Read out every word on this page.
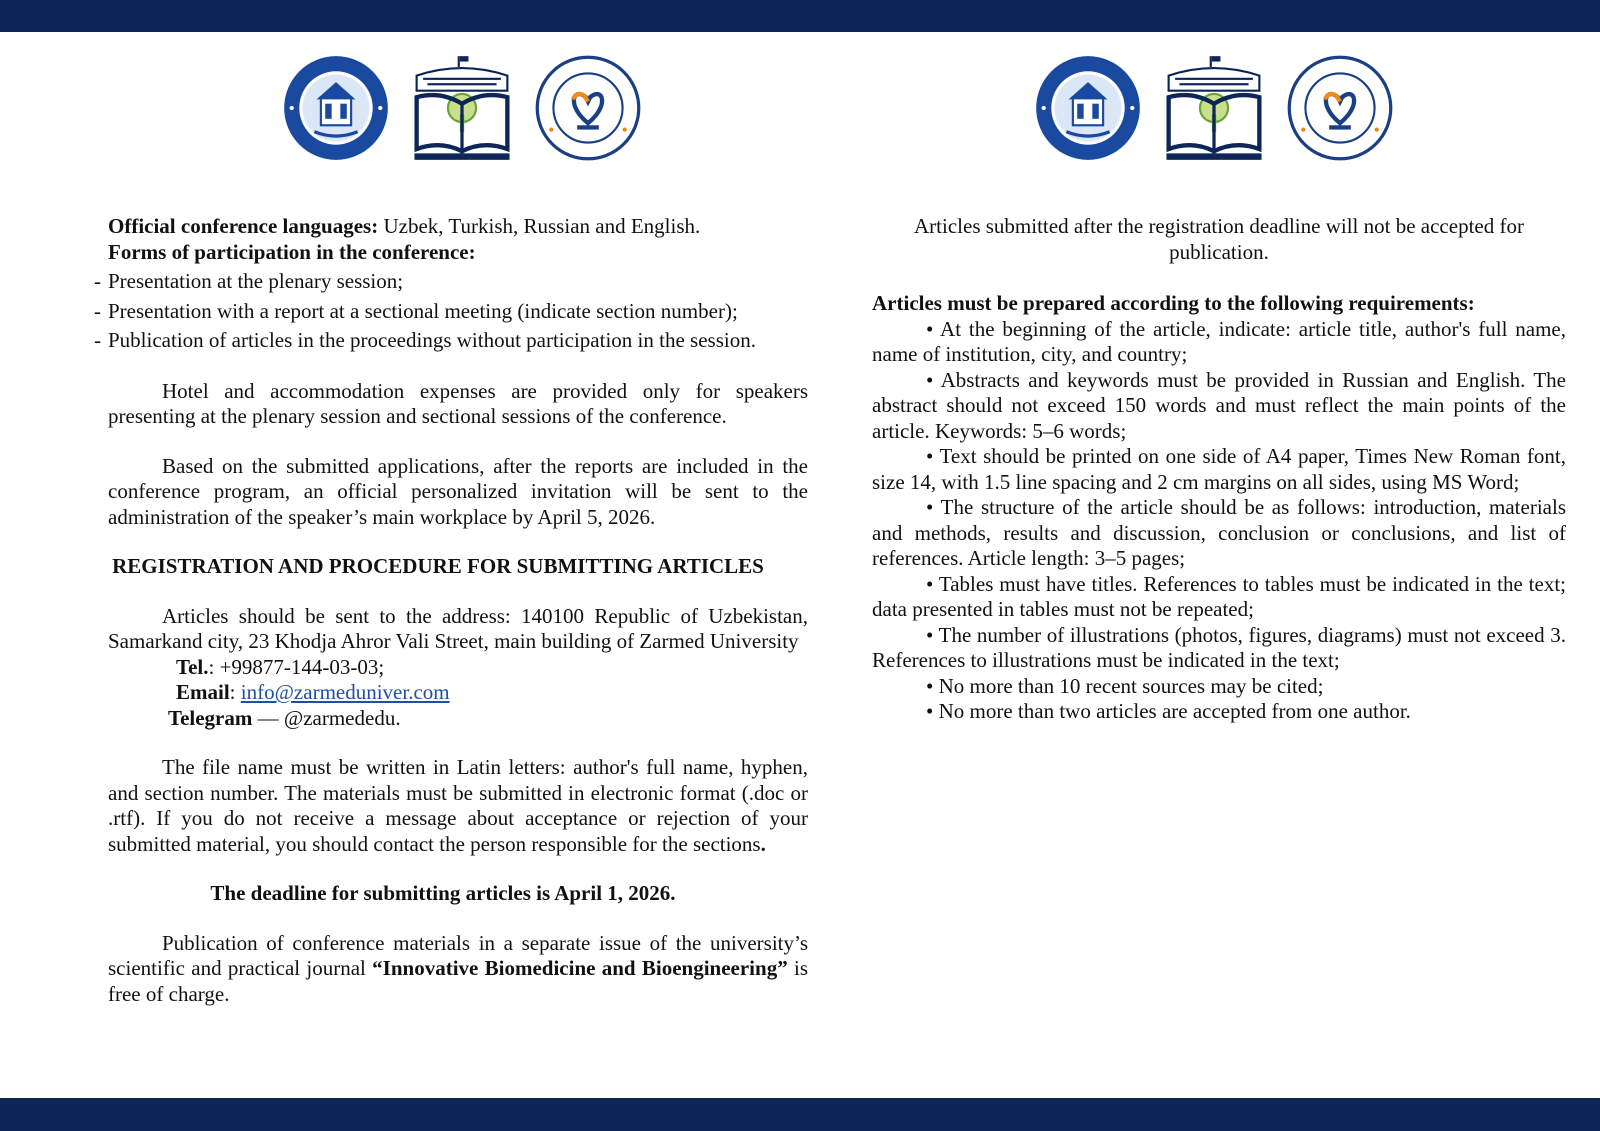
Official conference languages: Uzbek, Turkish, Russian and English.

Forms of participation in the conference:

- Presentation at the plenary session;

- Presentation with a report at a sectional meeting (indicate section number);

- Publication of articles in the proceedings without participation in the session.

Hotel and accommodation expenses are provided only for speakers presenting at the plenary session and sectional sessions of the conference.

Based on the submitted applications, after the reports are included in the conference program, an official personalized invitation will be sent to the administration of the speaker’s main workplace by April 5, 2026.

REGISTRATION AND PROCEDURE FOR SUBMITTING ARTICLES

Articles should be sent to the address: 140100 Republic of Uzbekistan, Samarkand city, 23 Khodja Ahror Vali Street, main building of Zarmed University

Tel.: +99877-144-03-03;

Email: info@zarmeduniver.com

Telegram — @zarmededu.

The file name must be written in Latin letters: author's full name, hyphen, and section number. The materials must be submitted in electronic format (.doc or .rtf). If you do not receive a message about acceptance or rejection of your submitted material, you should contact the person responsible for the sections.

The deadline for submitting articles is April 1, 2026.

Publication of conference materials in a separate issue of the university’s scientific and practical journal “Innovative Biomedicine and Bioengineering” is free of charge.

Articles submitted after the registration deadline will not be accepted for publication.

Articles must be prepared according to the following requirements:

• At the beginning of the article, indicate: article title, author's full name, name of institution, city, and country;

• Abstracts and keywords must be provided in Russian and English. The abstract should not exceed 150 words and must reflect the main points of the article. Keywords: 5–6 words;

• Text should be printed on one side of A4 paper, Times New Roman font, size 14, with 1.5 line spacing and 2 cm margins on all sides, using MS Word;

• The structure of the article should be as follows: introduction, materials and methods, results and discussion, conclusion or conclusions, and list of references. Article length: 3–5 pages;

• Tables must have titles. References to tables must be indicated in the text; data presented in tables must not be repeated;

• The number of illustrations (photos, figures, diagrams) must not exceed 3. References to illustrations must be indicated in the text;

• No more than 10 recent sources may be cited;

• No more than two articles are accepted from one author.
